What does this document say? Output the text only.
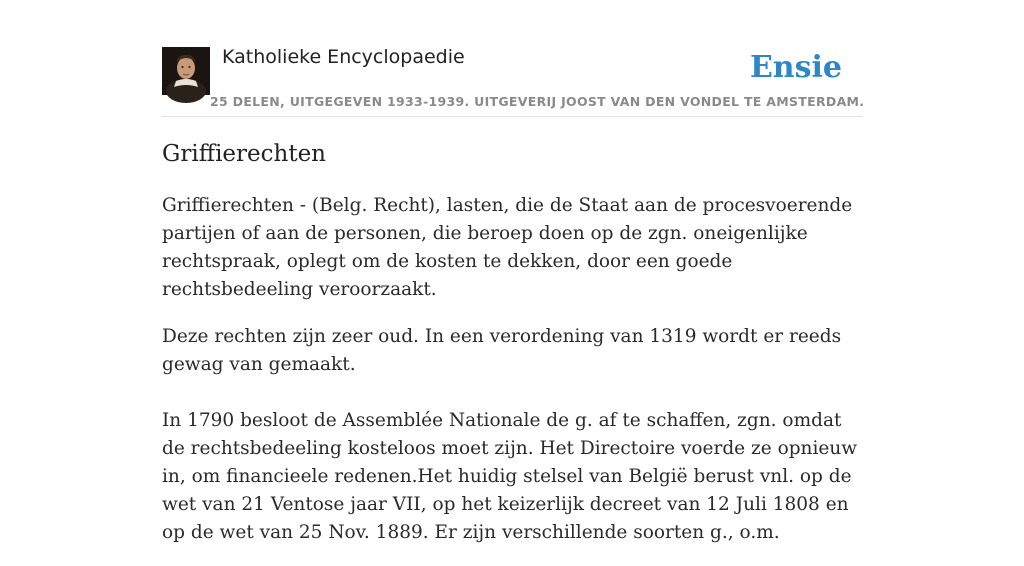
Katholieke Encyclopaedie
25 DELEN, UITGEGEVEN 1933-1939. UITGEVERIJ JOOST VAN DEN VONDEL TE AMSTERDAM.
Ensie
Griffierechten

Griffierechten - (Belg. Recht), lasten, die de Staat aan de procesvoerende partijen of aan de personen, die beroep doen op de zgn. oneigenlijke rechtspraak, oplegt om de kosten te dekken, door een goede rechtsbedeeling veroorzaakt.

Deze rechten zijn zeer oud. In een verordening van 1319 wordt er reeds gewag van gemaakt.

In 1790 besloot de Assemblée Nationale de g. af te schaffen, zgn. omdat de rechtsbedeeling kosteloos moet zijn. Het Directoire voerde ze opnieuw in, om financieele redenen.Het huidig stelsel van België berust vnl. op de wet van 21 Ventose jaar VII, op het keizerlijk decreet van 12 Juli 1808 en op de wet van 25 Nov. 1889. Er zijn verschillende soorten g., o.m.
